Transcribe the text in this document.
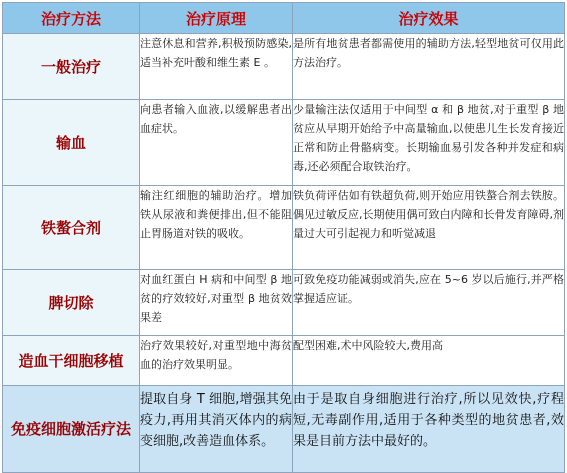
治疗方法	治疗原理	治疗效果
一般治疗	注意休息和营养,积极预防感染,适当补充叶酸和维生素 E 。	是所有地贫患者都需使用的辅助方法,轻型地贫可仅用此方法治疗。
输血	向患者输入血液,以缓解患者出血症状。	少量输注法仅适用于中间型 α 和 β 地贫,对于重型 β 地贫应从早期开始给予中高量输血,以使患儿生长发育接近正常和防止骨骼病变。长期输血易引发各种并发症和病毒,还必须配合取铁治疗。
铁螯合剂	输注红细胞的辅助治疗。增加铁从尿液和粪便排出,但不能阻止胃肠道对铁的吸收。	铁负荷评估如有铁超负荷,则开始应用铁螯合剂去铁胺。偶见过敏反应,长期使用偶可致白内障和长骨发育障碍,剂量过大可引起视力和听觉减退
脾切除	对血红蛋白 H 病和中间型 β 地贫的疗效较好,对重型 β 地贫效果差	可致免疫功能减弱或消失,应在 5~6 岁以后施行,并严格掌握适应证。
造血干细胞移植	治疗效果较好,对重型地中海贫血的治疗效果明显。	配型困难,术中风险较大,费用高
免疫细胞激活疗法	提取自身 T 细胞,增强其免疫力,再用其消灭体内的病变细胞,改善造血体系。	由于是取自身细胞进行治疗,所以见效快,疗程短,无毒副作用,适用于各种类型的地贫患者,效果是目前方法中最好的。
